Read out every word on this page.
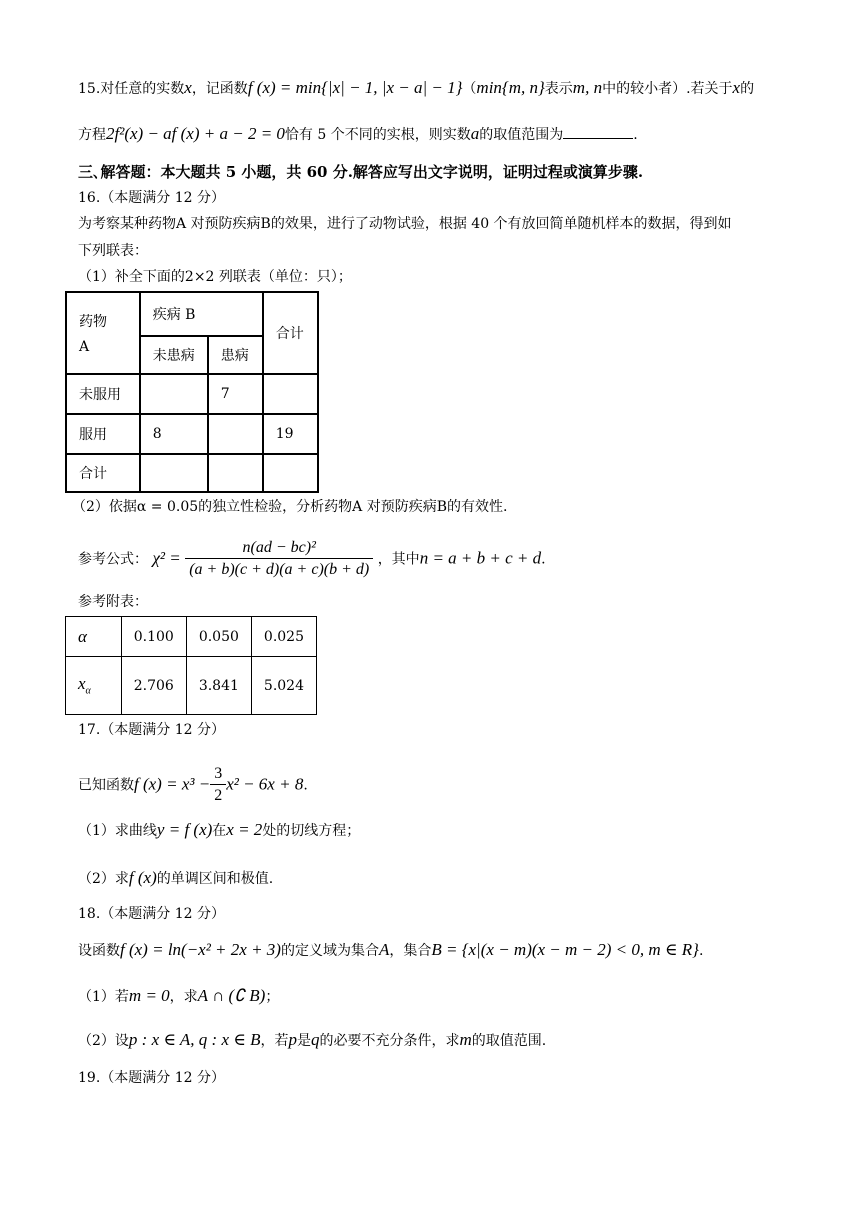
15.对任意的实数x，记函数f (x) = min{|x| − 1, |x − a| − 1}（min{m, n}表示m, n中的较小者）.若关于x的
方程2f²(x) − af (x) + a − 2 = 0恰有 5 个不同的实根，则实数a的取值范围为	.
三､解答题：本大题共 5 小题，共 60 分.解答应写出文字说明，证明过程或演算步骤.
16.（本题满分 12 分）
为考察某种药物A 对预防疾病B的效果，进行了动物试验，根据 40 个有放回简单随机样本的数据，得到如
下列联表：
（1）补全下面的2×2 列联表（单位：只）；
药物
A	疾病 B		合计
	未患病	患病	
未服用		7	
服用	8		19
合计			
（2）依据α = 0.05的独立性检验，分析药物A 对预防疾病B的有效性.
参考公式： $\chi^2 = \frac{\text{n(ad − bc)²}}{(a + b)(c + d)(a + c)(b + d)}$ ，其中n = a + b + c + d.
参考附表：
α	0.100	0.050	0.025
$x_\alpha$	2.706	3.841	5.024
17.（本题满分 12 分）
已知函数f $(x) = x^3 - \frac{3}{2} x^2 - 6x + 8$.
（1）求曲线y = f (x)在x = 2处的切线方程；
（2）求f (x)的单调区间和极值.
18.（本题满分 12 分）
设函数f (x) = ln(−x² + 2x + 3)的定义域为集合A，集合B = {x|(x − m)(x − m − 2) < 0, m ∈ R}.
（1）若m = 0，求A ∩ (∁ B)；
（2）设p : x ∈ A, q : x ∈ B，若p是q的必要不充分条件，求m的取值范围.
19.（本题满分 12 分）
